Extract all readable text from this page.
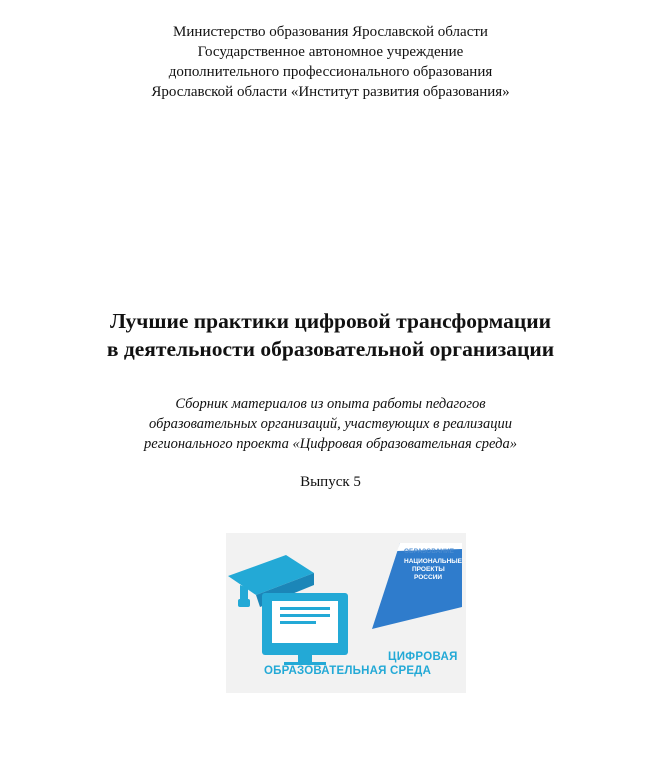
Министерство образования Ярославской области
Государственное автономное учреждение
дополнительного профессионального образования
Ярославской области «Институт развития образования»
Лучшие практики цифровой трансформации
в деятельности образовательной организации
Сборник материалов из опыта работы педагогов
образовательных организаций, участвующих в реализации
регионального проекта «Цифровая образовательная среда»
Выпуск 5
ОБРАЗОВАНИЕ
НАЦИОНАЛЬНЫЕ
ПРОЕКТЫ
РОССИИ
ЦИФРОВАЯ
ОБРАЗОВАТЕЛЬНАЯ СРЕДА
